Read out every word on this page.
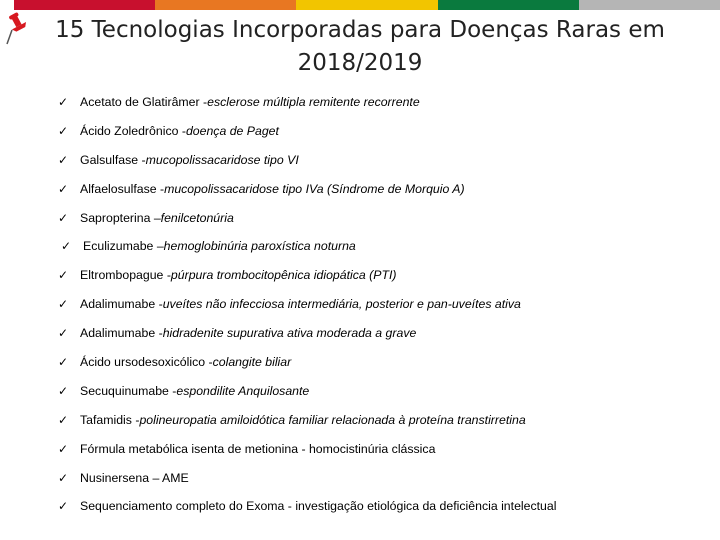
15 Tecnologias Incorporadas para Doenças Raras em 2018/2019
✓ Acetato de Glatirâmer - esclerose múltipla remitente recorrente
✓ Ácido Zoledrônico - doença de Paget
✓ Galsulfase - mucopolissacaridose tipo VI
✓ Alfaelosulfase - mucopolissacaridose tipo IVa (Síndrome de Morquio A)
✓ Sapropterina – fenilcetonúria
✓ Eculizumabe – hemoglobinúria paroxística noturna
✓ Eltrombopague - púrpura trombocitopênica idiopática (PTI)
✓ Adalimumabe - uveítes não infecciosa intermediária, posterior e pan-uveítes ativa
✓ Adalimumabe - hidradenite supurativa ativa moderada a grave
✓ Ácido ursodesoxicólico - colangite biliar
✓ Secuquinumabe - espondilite Anquilosante
✓ Tafamidis - polineuropatia amiloidótica familiar relacionada à proteína transtirretina
✓ Fórmula metabólica isenta de metionina - homocistinúria clássica
✓ Nusinersena – AME
✓ Sequenciamento completo do Exoma - investigação etiológica da deficiência intelectual
